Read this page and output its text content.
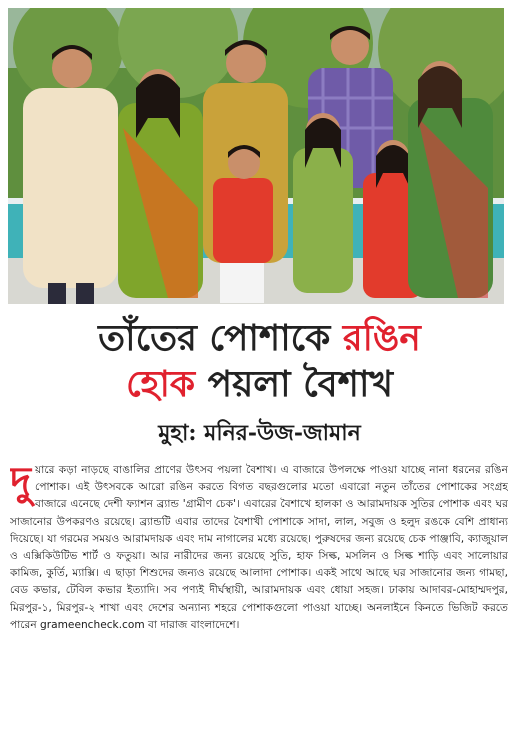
তাঁতের পোশাকে রঙিন
হোক পয়লা বৈশাখ
মুহা: মনির-উজ-জামান
দু য়ারে কড়া নাড়ছে বাঙালির প্রাণের উৎসব পয়লা বৈশাখ। এ বাজারে উপলক্ষে পাওয়া যাচ্ছে নানা ধরনের রঙিন পোশাক। এই উৎসবকে আরো রঙিন করতে বিগত বছরগুলোর মতো এবারো নতুন তাঁতের পোশাকের সংগ্রহ বাজারে এনেছে দেশী ফ্যাশন ব্র্যান্ড 'গ্রামীণ চেক'। এবারের বৈশাখে হালকা ও আরামদায়ক সুতির পোশাক এবং ঘর সাজানোর উপকরণও রয়েছে। ব্র্যান্ডটি এবার তাদের বৈশাখী পোশাকে সাদা, লাল, সবুজ ও হলুদ রঙকে বেশি প্রাধান্য দিয়েছে। যা গরমের সময়ও আরামদায়ক এবং দাম নাগালের মধ্যে রয়েছে। পুরুষদের জন্য রয়েছে চেক পাঞ্জাবি, ক্যাজুয়াল ও এক্সিকিউটিভ শার্ট ও ফতুয়া। আর নারীদের জন্য রয়েছে সুতি, হাফ সিল্ক, মসলিন ও সিল্ক শাড়ি এবং সালোয়ার কামিজ, কুর্তি, ম্যাক্সি। এ ছাড়া শিশুদের জন্যও রয়েছে আলাদা পোশাক। একই সাথে আছে ঘর সাজানোর জন্য গামছা, বেড কভার, টেবিল কভার ইত্যাদি। সব পণ্যই দীর্ঘস্থায়ী, আরামদায়ক এবং ধোয়া সহজ। ঢাকায় আদাবর-মোহাম্মদপুর, মিরপুর-১, মিরপুর-২ শাখা এবং দেশের অন্যান্য শহরে পোশাকগুলো পাওয়া যাচ্ছে। অনলাইনে কিনতে ভিজিট করতে পারেন grameencheck.com বা দারাজ বাংলাদেশে।
